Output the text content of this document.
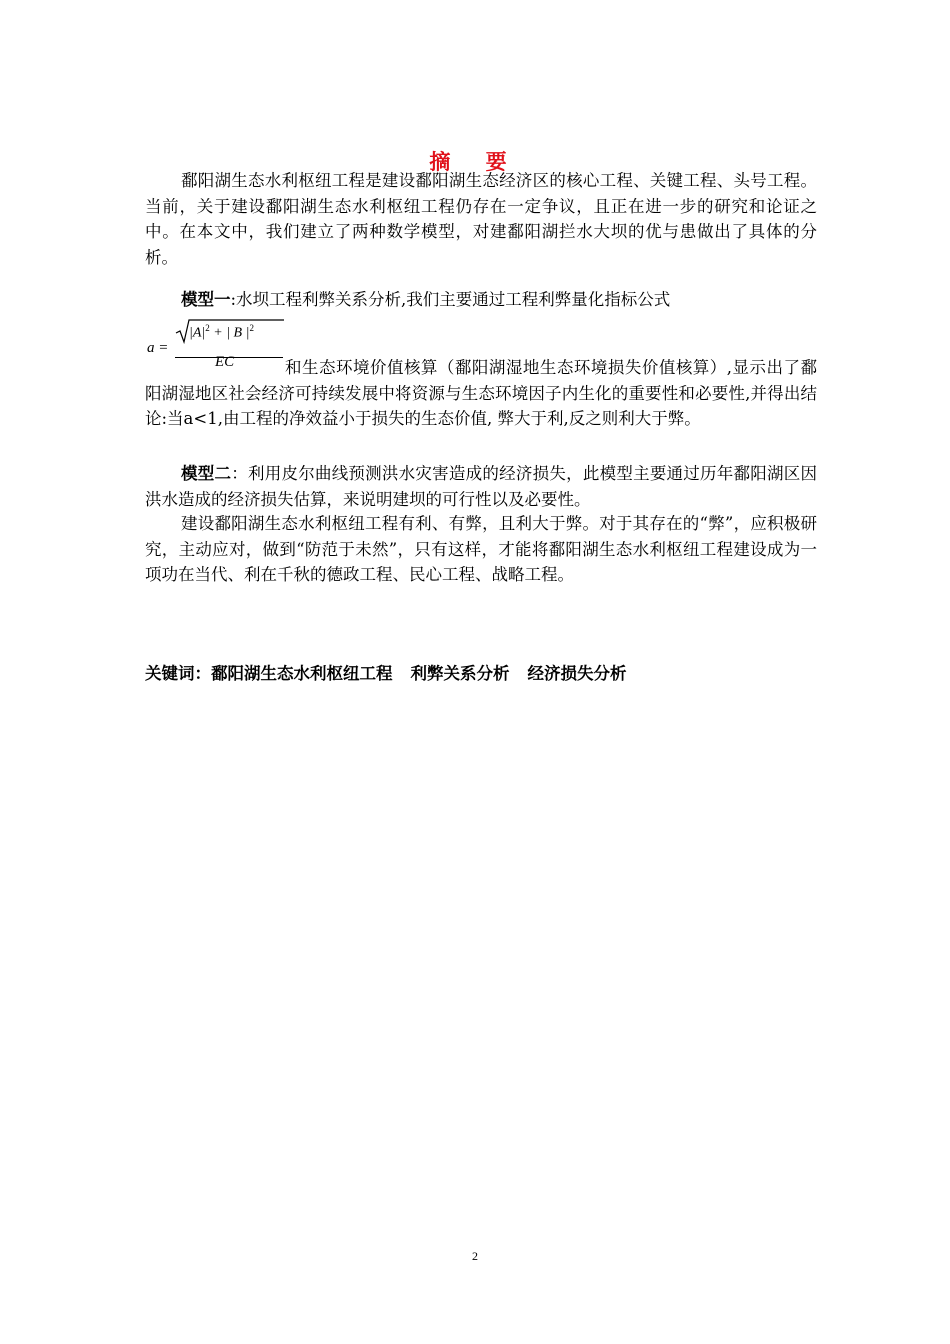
摘 要

鄱阳湖生态水利枢纽工程是建设鄱阳湖生态经济区的核心工程、关键工程、头号工程。当前，关于建设鄱阳湖生态水利枢纽工程仍存在一定争议，且正在进一步的研究和论证之中。在本文中，我们建立了两种数学模型，对建鄱阳湖拦水大坝的优与患做出了具体的分析。

模型一:水坝工程利弊关系分析,我们主要通过工程利弊量化指标公式

a =
$|A|^2$ + | B $|^2$
EC	和生态环境价值核算（鄱阳湖湿地生态环境损失价值核算）,显示出了鄱阳湖湿地区社会经济可持续发展中将资源与生态环境因子内生化的重要性和必要性,并得出结论:当a<1,由工程的净效益小于损失的生态价值, 弊大于利,反之则利大于弊。

模型二：利用皮尔曲线预测洪水灾害造成的经济损失，此模型主要通过历年鄱阳湖区因洪水造成的经济损失估算，来说明建坝的可行性以及必要性。

建设鄱阳湖生态水利枢纽工程有利、有弊，且利大于弊。对于其存在的“弊”，应积极研究，主动应对，做到“防范于未然”，只有这样，才能将鄱阳湖生态水利枢纽工程建设成为一项功在当代、利在千秋的德政工程、民心工程、战略工程。

关键词：鄱阳湖生态水利枢纽工程 利弊关系分析 经济损失分析
2
